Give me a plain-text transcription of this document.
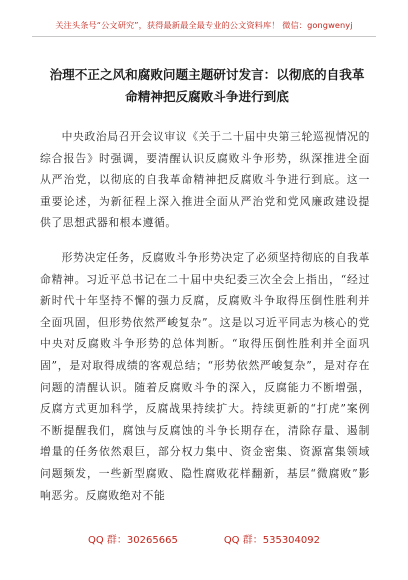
关注头条号“公文研究”，获得最新最全最专业的公文资料库！ 微信：gongwenyj
治理不正之风和腐败问题主题研讨发言：以彻底的自我革
命精神把反腐败斗争进行到底

中央政治局召开会议审议《关于二十届中央第三轮巡视情况的综合报告》时强调，要清醒认识反腐败斗争形势，纵深推进全面从严治党，以彻底的自我革命精神把反腐败斗争进行到底。这一重要论述，为新征程上深入推进全面从严治党和党风廉政建设提供了思想武器和根本遵循。

形势决定任务，反腐败斗争形势决定了必须坚持彻底的自我革命精神。习近平总书记在二十届中央纪委三次全会上指出，“经过新时代十年坚持不懈的强力反腐，反腐败斗争取得压倒性胜利并全面巩固，但形势依然严峻复杂”。这是以习近平同志为核心的党中央对反腐败斗争形势的总体判断。“取得压倒性胜利并全面巩固”，是对取得成绩的客观总结；“形势依然严峻复杂”，是对存在问题的清醒认识。随着反腐败斗争的深入，反腐能力不断增强，反腐方式更加科学，反腐战果持续扩大。持续更新的“打虎”案例不断提醒我们，腐蚀与反腐蚀的斗争长期存在，清除存量、遏制增量的任务依然艰巨，部分权力集中、资金密集、资源富集领域问题频发，一些新型腐败、隐性腐败花样翻新，基层“微腐败”影响恶劣。反腐败绝对不能

QQ 群：30265665	QQ 群：535304092
